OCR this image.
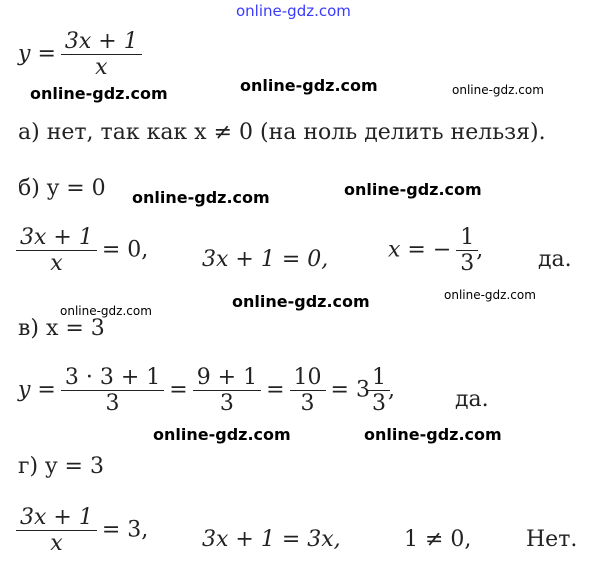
online-gdz.com
online-gdz.com	online-gdz.com	online-gdz.com
online-gdz.com	online-gdz.com
online-gdz.com	online-gdz.com	online-gdz.com
online-gdz.com	online-gdz.com
$y = \frac{3x + 1}{x}$
а) нет, так как x ≠ 0 (на ноль делить нельзя).
б) y = 0
$\frac{3x + 1}{x} = 0$, 3x + 1 = 0,	x = − $\frac{1}{3}$ , да.
в) x = 3
$y = \frac{3 \cdot 3 + 1}{3} = \frac{9 + 1}{3} = \frac{10}{3} = 3 \frac{1}{3}$ ,	да.
г) y = 3
$\frac{3x + 1}{x} = 3$, 3x + 1 = 3x,	1 ≠ 0, Нет.
